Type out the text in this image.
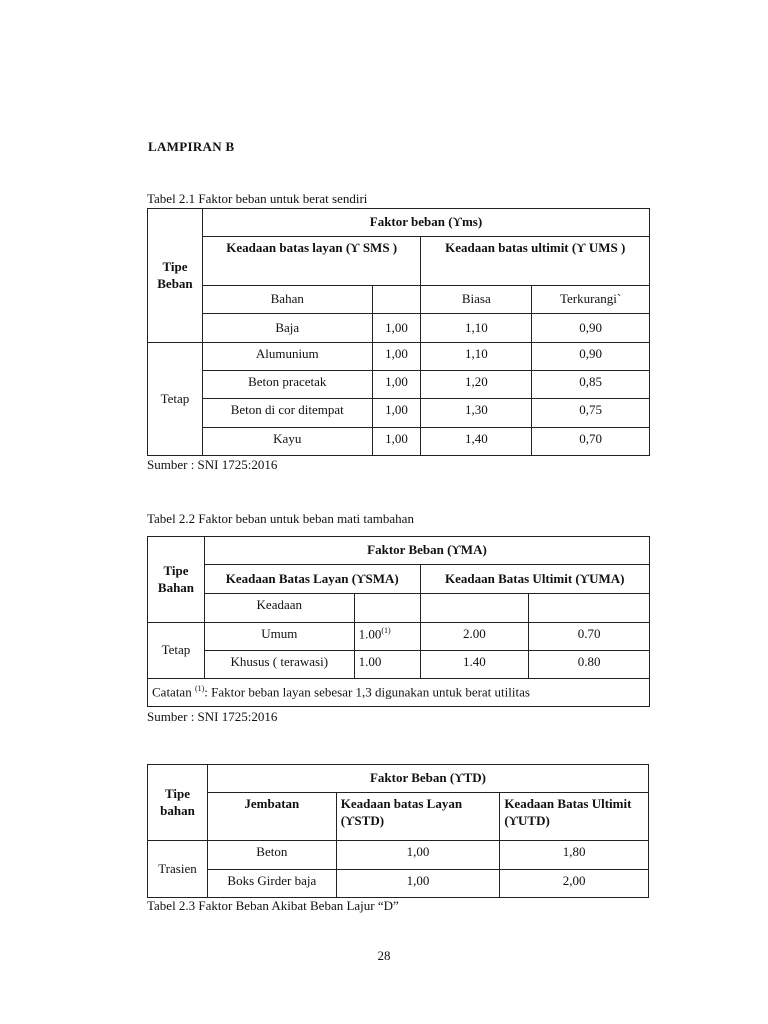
LAMPIRAN B
Tabel 2.1 Faktor beban untuk berat sendiri
Tipe Beban	Faktor beban (ϒms)			
	Keadaan batas layan (ϒ SMS )		Keadaan batas ultimit (ϒ UMS )	
	Bahan		Biasa	Terkurangi`
	Baja	1,00	1,10	0,90
Tetap	Alumunium	1,00	1,10	0,90
	Beton pracetak	1,00	1,20	0,85
	Beton di cor ditempat	1,00	1,30	0,75
	Kayu	1,00	1,40	0,70
Sumber : SNI 1725:2016
Tabel 2.2 Faktor beban untuk beban mati tambahan
Tipe Bahan	Faktor Beban (ϒMA)			
	Keadaan Batas Layan (ϒSMA)		Keadaan Batas Ultimit (ϒUMA)	
	Keadaan			
Tetap	Umum	1.00$^{(1)}$	2.00	0.70
	Khusus ( terawasi)	1.00	1.40	0.80
Catatan $^{(1)}$: Faktor beban layan sebesar 1,3 digunakan untuk berat utilitas				
Sumber : SNI 1725:2016
Tipe bahan	Faktor Beban (ϒTD)		
	Jembatan	Keadaan batas Layan (ϒSTD)	Keadaan Batas Ultimit (ϒUTD)
Trasien	Beton	1,00	1,80
	Boks Girder baja	1,00	2,00
Tabel 2.3 Faktor Beban Akibat Beban Lajur “D”
28
